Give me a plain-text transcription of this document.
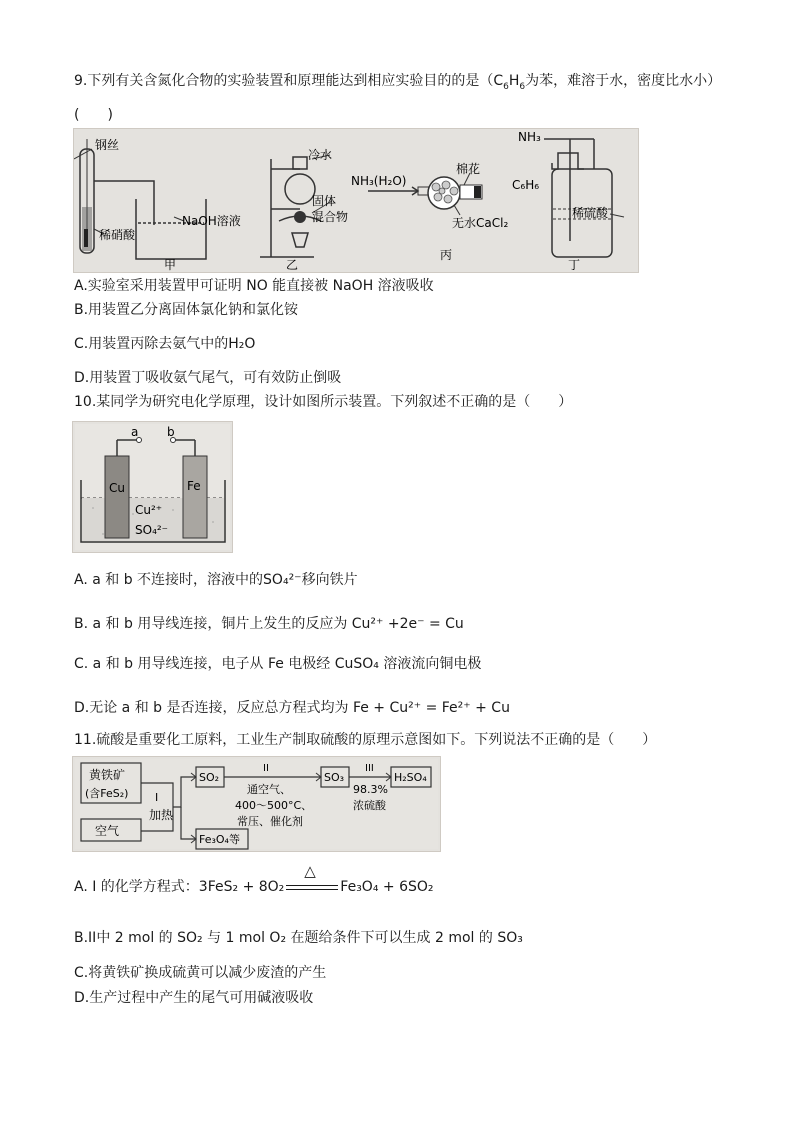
9.下列有关含氮化合物的实验装置和原理能达到相应实验目的的是（$C_6H_6$为苯，难溶于水，密度比水小）
(　　)
钢丝
稀硝酸
NaOH溶液
甲
冷水
固体
混合物
乙
NH₃(H₂O)
棉花
无水CaCl₂
丙
NH₃
C₆H₆
稀硫酸
丁
A.实验室采用装置甲可证明 NO 能直接被 NaOH 溶液吸收
B.用装置乙分离固体氯化钠和氯化铵
C.用装置丙除去氨气中的H₂O
D.用装置丁吸收氨气尾气，可有效防止倒吸
10.某同学为研究电化学原理，设计如图所示装置。下列叙述不正确的是（　　）
a b
Cu	Fe
Cu²⁺
SO₄²⁻
A. a 和 b 不连接时，溶液中的SO₄²⁻移向铁片
B. a 和 b 用导线连接，铜片上发生的反应为 Cu²⁺ +2e⁻ = Cu
C. a 和 b 用导线连接，电子从 Fe 电极经 CuSO₄ 溶液流向铜电极
D.无论 a 和 b 是否连接，反应总方程式均为 Fe + Cu²⁺ = Fe²⁺ + Cu
11.硫酸是重要化工原料，工业生产制取硫酸的原理示意图如下。下列说法不正确的是（　　）
黄铁矿
(含FeS₂)
空气
I
加热
SO₂
II
通空气、
400～500°C、
常压、催化剂
SO₃
III
98.3%
浓硫酸
H₂SO₄
Fe₃O₄等
A. I 的化学方程式：3FeS₂ + 8O₂
△
Fe₃O₄ + 6SO₂
B.II中 2 mol 的 SO₂ 与 1 mol O₂ 在题给条件下可以生成 2 mol 的 SO₃
C.将黄铁矿换成硫黄可以减少废渣的产生
D.生产过程中产生的尾气可用碱液吸收
